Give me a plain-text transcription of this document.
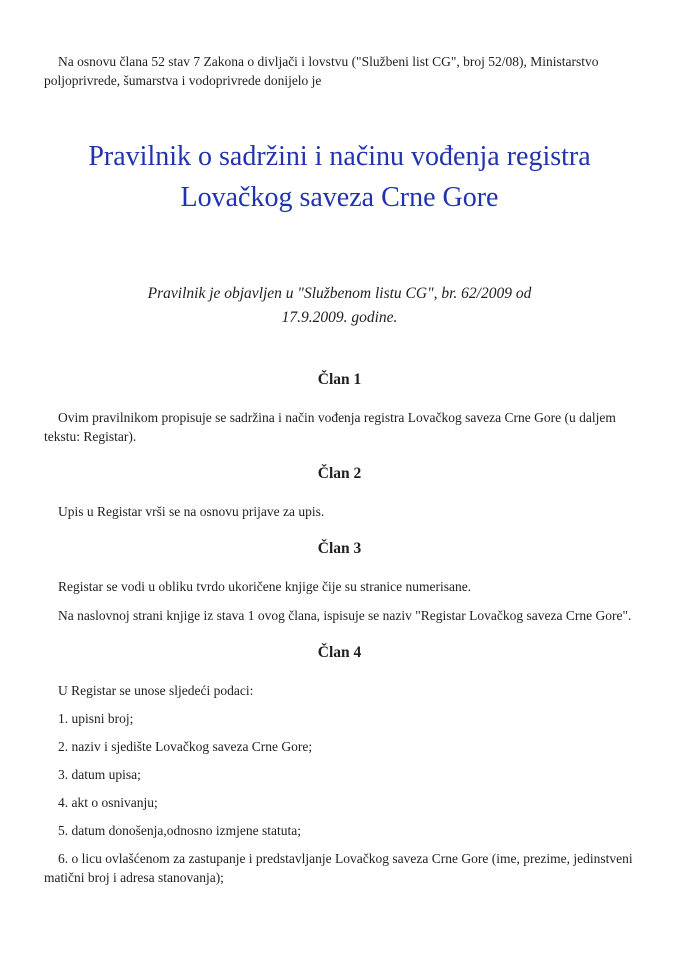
Na osnovu člana 52 stav 7 Zakona o divljači i lovstvu ("Službeni list CG", broj 52/08), Ministarstvo poljoprivrede, šumarstva i vodoprivrede donijelo je

Pravilnik o sadržini i načinu vođenja registra
Lovačkog saveza Crne Gore
Pravilnik je objavljen u "Službenom listu CG", br. 62/2009 od
17.9.2009. godine.
Član 1

Ovim pravilnikom propisuje se sadržina i način vođenja registra Lovačkog saveza Crne Gore (u daljem tekstu: Registar).

Član 2

Upis u Registar vrši se na osnovu prijave za upis.

Član 3

Registar se vodi u obliku tvrdo ukoričene knjige čije su stranice numerisane.

Na naslovnoj strani knjige iz stava 1 ovog člana, ispisuje se naziv "Registar Lovačkog saveza Crne Gore".

Član 4

U Registar se unose sljedeći podaci:

1. upisni broj;

2. naziv i sjedište Lovačkog saveza Crne Gore;

3. datum upisa;

4. akt o osnivanju;

5. datum donošenja,odnosno izmjene statuta;

6. o licu ovlašćenom za zastupanje i predstavljanje Lovačkog saveza Crne Gore (ime, prezime, jedinstveni matični broj i adresa stanovanja);
